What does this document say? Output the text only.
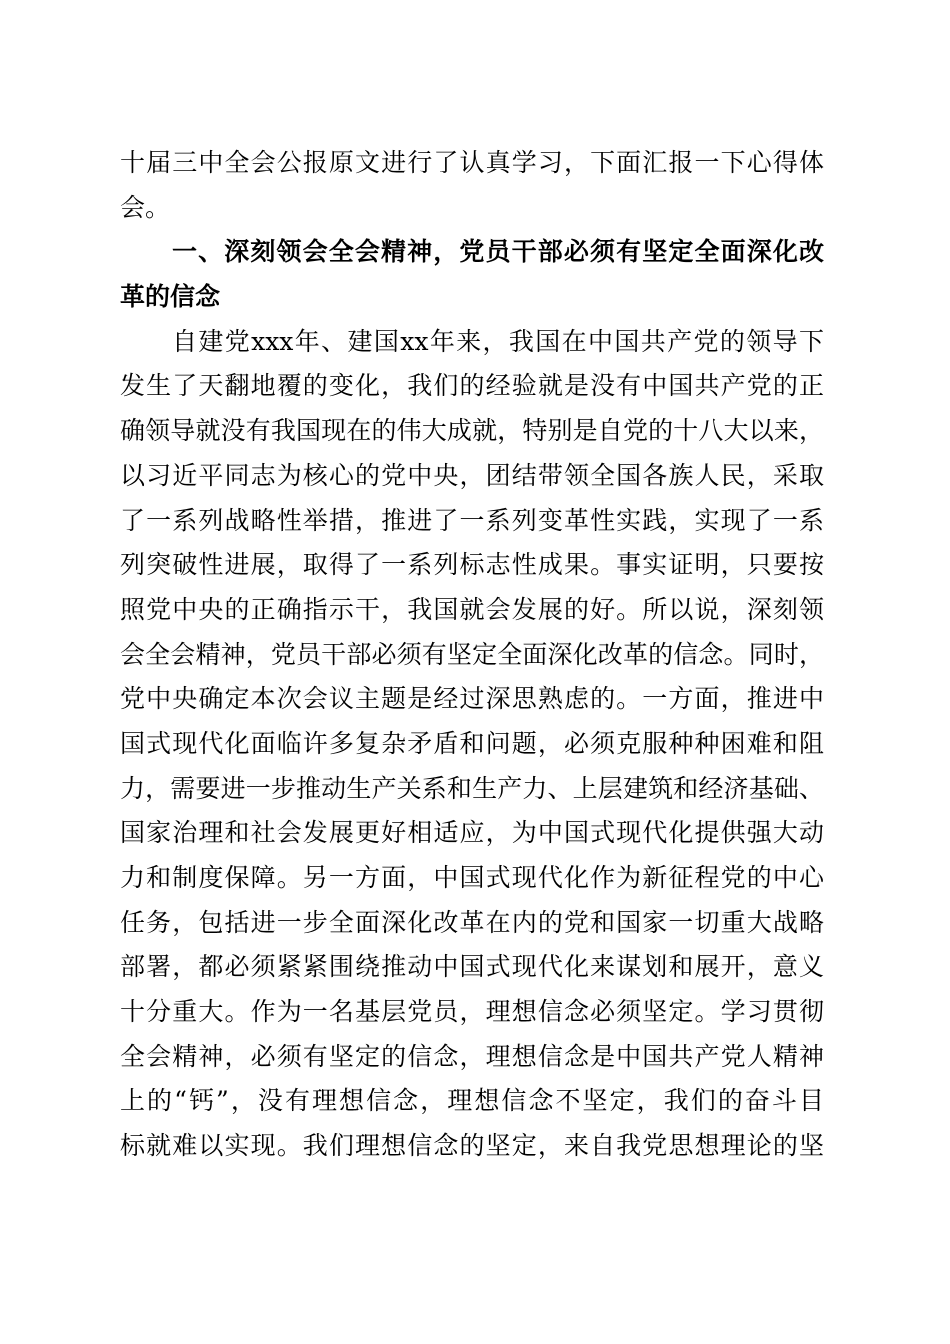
十届三中全会公报原文进行了认真学习，下面汇报一下心得体
会。
一、深刻领会全会精神，党员干部必须有坚定全面深化改
革的信念
自建党xxx年、建国xx年来，我国在中国共产党的领导下
发生了天翻地覆的变化，我们的经验就是没有中国共产党的正
确领导就没有我国现在的伟大成就，特别是自党的十八大以来，
以习近平同志为核心的党中央，团结带领全国各族人民，采取
了一系列战略性举措，推进了一系列变革性实践，实现了一系
列突破性进展，取得了一系列标志性成果。事实证明，只要按
照党中央的正确指示干，我国就会发展的好。所以说，深刻领
会全会精神，党员干部必须有坚定全面深化改革的信念。同时，
党中央确定本次会议主题是经过深思熟虑的。一方面，推进中
国式现代化面临许多复杂矛盾和问题，必须克服种种困难和阻
力，需要进一步推动生产关系和生产力、上层建筑和经济基础、
国家治理和社会发展更好相适应，为中国式现代化提供强大动
力和制度保障。另一方面，中国式现代化作为新征程党的中心
任务，包括进一步全面深化改革在内的党和国家一切重大战略
部署，都必须紧紧围绕推动中国式现代化来谋划和展开，意义
十分重大。作为一名基层党员，理想信念必须坚定。学习贯彻
全会精神，必须有坚定的信念，理想信念是中国共产党人精神
上的“钙”，没有理想信念，理想信念不坚定，我们的奋斗目
标就难以实现。我们理想信念的坚定，来自我党思想理论的坚
